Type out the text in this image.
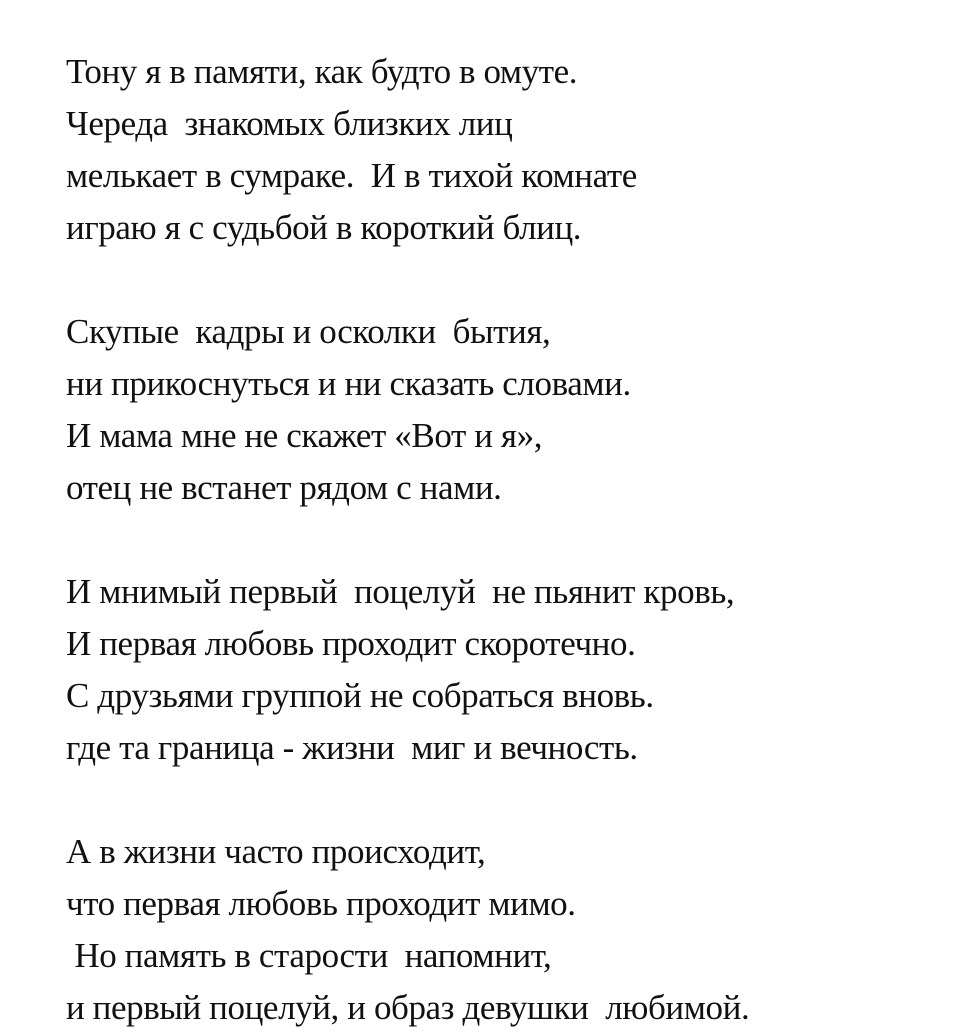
Тону я в памяти, как будто в омуте.
Череда  знакомых близких лиц
мелькает в сумраке.  И в тихой комнате
играю я с судьбой в короткий блиц.
Скупые  кадры и осколки  бытия,
ни прикоснуться и ни сказать словами.
И мама мне не скажет «Вот и я»,
отец не встанет рядом с нами.
И мнимый первый  поцелуй  не пьянит кровь,
И первая любовь проходит скоротечно.
С друзьями группой не собраться вновь.
где та граница - жизни  миг и вечность.
А в жизни часто происходит,
что первая любовь проходит мимо.
Но память в старости  напомнит,
и первый поцелуй, и образ девушки  любимой.
